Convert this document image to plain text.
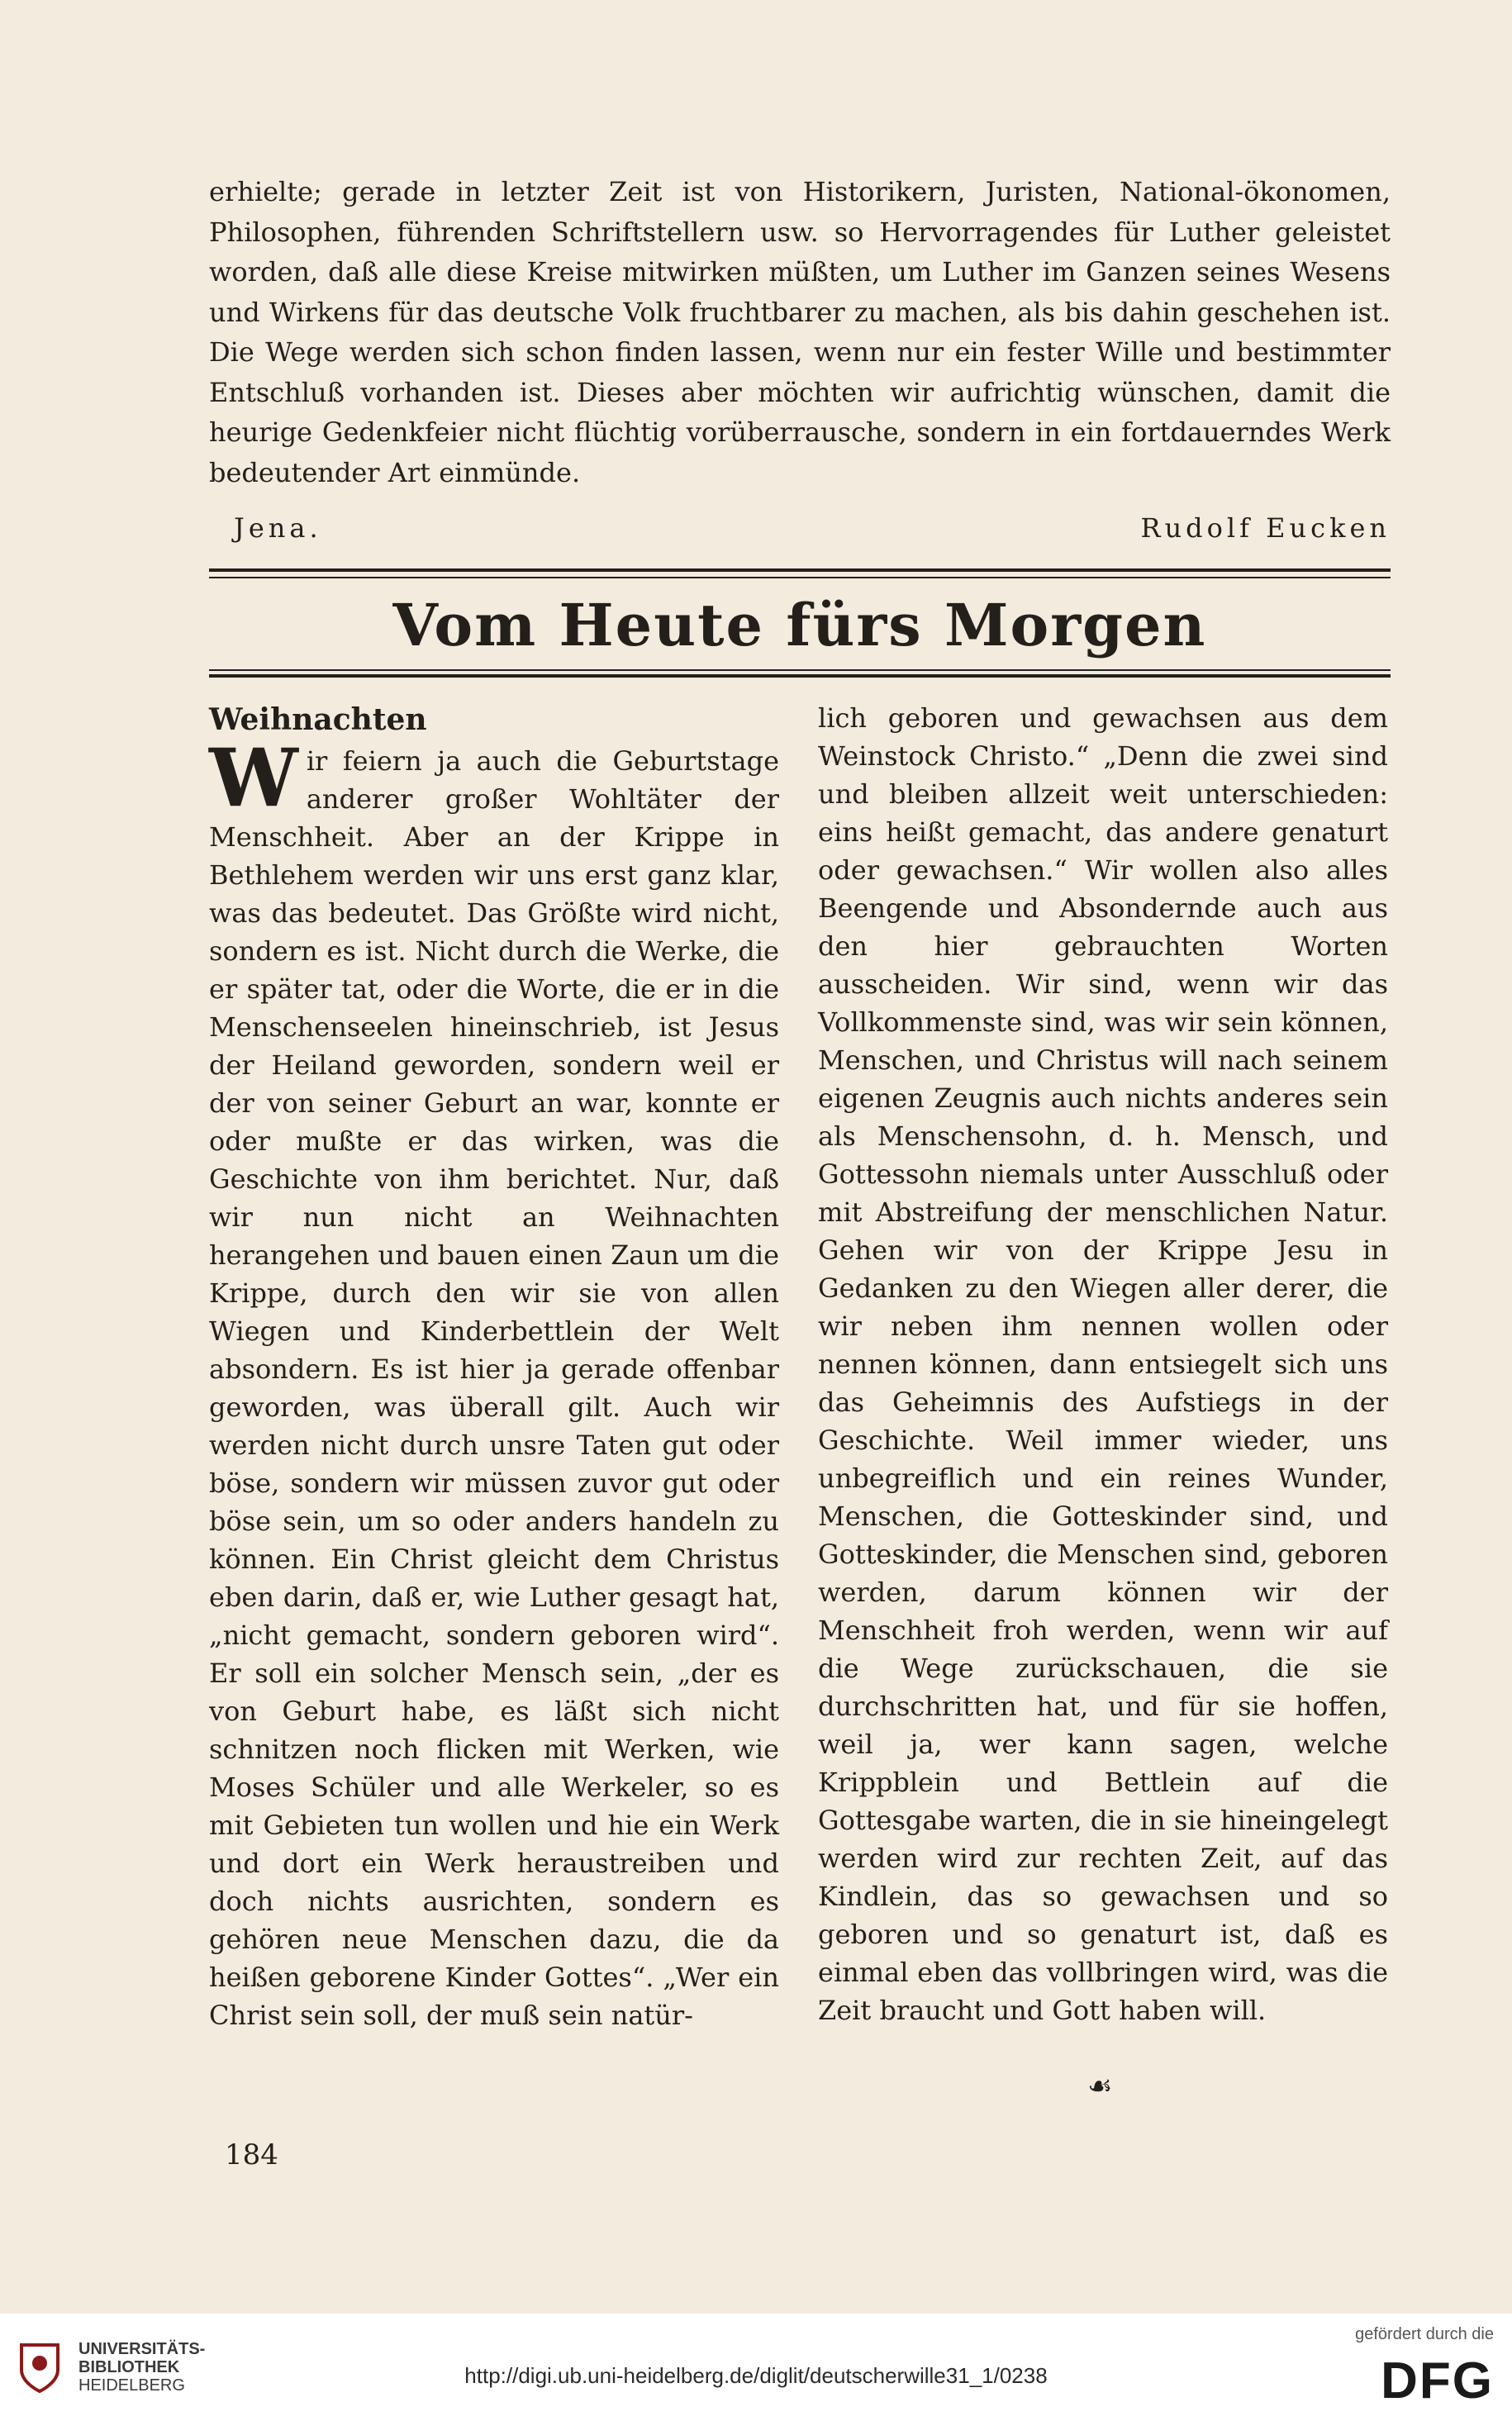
erhielte; gerade in letzter Zeit ist von Historikern, Juristen, National-ökonomen, Philosophen, führenden Schriftstellern usw. so Hervorragendes für Luther geleistet worden, daß alle diese Kreise mitwirken müßten, um Luther im Ganzen seines Wesens und Wirkens für das deutsche Volk fruchtbarer zu machen, als bis dahin geschehen ist. Die Wege werden sich schon finden lassen, wenn nur ein fester Wille und bestimmter Entschluß vorhanden ist. Dieses aber möchten wir aufrichtig wünschen, damit die heurige Gedenkfeier nicht flüchtig vorüberrausche, sondern in ein fortdauerndes Werk bedeutender Art einmünde.

Jena.	Rudolf Eucken
Vom Heute fürs Morgen
Weihnachten

Wir feiern ja auch die Geburtstage anderer großer Wohltäter der Menschheit. Aber an der Krippe in Bethlehem werden wir uns erst ganz klar, was das bedeutet. Das Größte wird nicht, sondern es ist. Nicht durch die Werke, die er später tat, oder die Worte, die er in die Menschenseelen hineinschrieb, ist Jesus der Heiland geworden, sondern weil er der von seiner Geburt an war, konnte er oder mußte er das wirken, was die Geschichte von ihm berichtet. Nur, daß wir nun nicht an Weihnachten herangehen und bauen einen Zaun um die Krippe, durch den wir sie von allen Wiegen und Kinderbettlein der Welt absondern. Es ist hier ja gerade offenbar geworden, was überall gilt. Auch wir werden nicht durch unsre Taten gut oder böse, sondern wir müssen zuvor gut oder böse sein, um so oder anders handeln zu können. Ein Christ gleicht dem Christus eben darin, daß er, wie Luther gesagt hat, „nicht gemacht, sondern geboren wird“. Er soll ein solcher Mensch sein, „der es von Geburt habe, es läßt sich nicht schnitzen noch flicken mit Werken, wie Moses Schüler und alle Werkeler, so es mit Gebieten tun wollen und hie ein Werk und dort ein Werk heraustreiben und doch nichts ausrichten, sondern es gehören neue Menschen dazu, die da heißen geborene Kinder Gottes“. „Wer ein Christ sein soll, der muß sein natür-

lich geboren und gewachsen aus dem Weinstock Christo.“ „Denn die zwei sind und bleiben allzeit weit unterschieden: eins heißt gemacht, das andere genaturt oder gewachsen.“ Wir wollen also alles Beengende und Absondernde auch aus den hier gebrauchten Worten ausscheiden. Wir sind, wenn wir das Vollkommenste sind, was wir sein können, Menschen, und Christus will nach seinem eigenen Zeugnis auch nichts anderes sein als Menschensohn, d. h. Mensch, und Gottessohn niemals unter Ausschluß oder mit Abstreifung der menschlichen Natur. Gehen wir von der Krippe Jesu in Gedanken zu den Wiegen aller derer, die wir neben ihm nennen wollen oder nennen können, dann entsiegelt sich uns das Geheimnis des Aufstiegs in der Geschichte. Weil immer wieder, uns unbegreiflich und ein reines Wunder, Menschen, die Gotteskinder sind, und Gotteskinder, die Menschen sind, geboren werden, darum können wir der Menschheit froh werden, wenn wir auf die Wege zurückschauen, die sie durchschritten hat, und für sie hoffen, weil ja, wer kann sagen, welche Krippblein und Bettlein auf die Gottesgabe warten, die in sie hineingelegt werden wird zur rechten Zeit, auf das Kindlein, das so gewachsen und so geboren und so genaturt ist, daß es einmal eben das vollbringen wird, was die Zeit braucht und Gott haben will.

☙
184
UNIVERSITÄTS-
BIBLIOTHEK
HEIDELBERG	http://digi.ub.uni-heidelberg.de/diglit/deutscherwille31_1/0238
gefördert durch die
DFG
